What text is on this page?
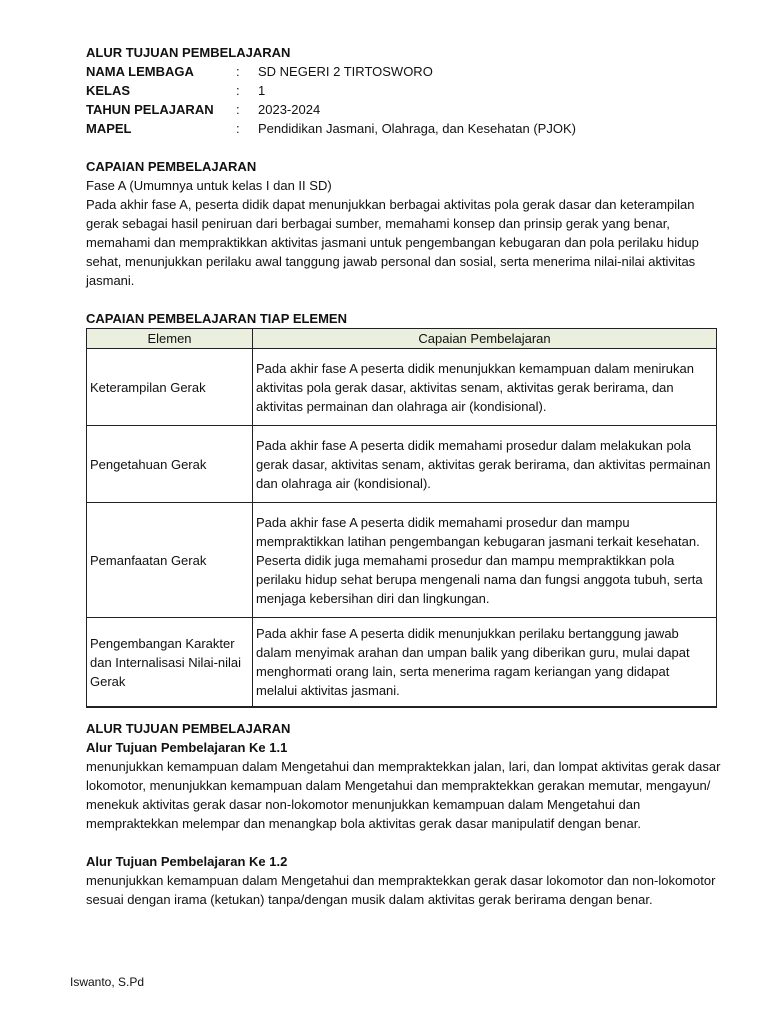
ALUR TUJUAN PEMBELAJARAN
NAMA LEMBAGA	:	SD NEGERI 2 TIRTOSWORO
KELAS	:	1
TAHUN PELAJARAN	:	2023-2024
MAPEL	:	Pendidikan Jasmani, Olahraga, dan Kesehatan (PJOK)
CAPAIAN PEMBELAJARAN

Fase A (Umumnya untuk kelas I dan II SD)

Pada akhir fase A, peserta didik dapat menunjukkan berbagai aktivitas pola gerak dasar dan keterampilan gerak sebagai hasil peniruan dari berbagai sumber, memahami konsep dan prinsip gerak yang benar, memahami dan mempraktikkan aktivitas jasmani untuk pengembangan kebugaran dan pola perilaku hidup sehat, menunjukkan perilaku awal tanggung jawab personal dan sosial, serta menerima nilai-nilai aktivitas jasmani.

CAPAIAN PEMBELAJARAN TIAP ELEMEN
Elemen	Capaian Pembelajaran
Keterampilan Gerak	Pada akhir fase A peserta didik menunjukkan kemampuan dalam menirukan aktivitas pola gerak dasar, aktivitas senam, aktivitas gerak berirama, dan aktivitas permainan dan olahraga air (kondisional).
Pengetahuan Gerak	Pada akhir fase A peserta didik memahami prosedur dalam melakukan pola gerak dasar, aktivitas senam, aktivitas gerak berirama, dan aktivitas permainan dan olahraga air (kondisional).
Pemanfaatan Gerak	Pada akhir fase A peserta didik memahami prosedur dan mampu mempraktikkan latihan pengembangan kebugaran jasmani terkait kesehatan. Peserta didik juga memahami prosedur dan mampu mempraktikkan pola perilaku hidup sehat berupa mengenali nama dan fungsi anggota tubuh, serta menjaga kebersihan diri dan lingkungan.
Pengembangan Karakter dan Internalisasi Nilai-nilai Gerak	Pada akhir fase A peserta didik menunjukkan perilaku bertanggung jawab dalam menyimak arahan dan umpan balik yang diberikan guru, mulai dapat menghormati orang lain, serta menerima ragam keriangan yang didapat melalui aktivitas jasmani.
ALUR TUJUAN PEMBELAJARAN
Alur Tujuan Pembelajaran Ke 1.1

menunjukkan kemampuan dalam Mengetahui dan mempraktekkan jalan, lari, dan lompat aktivitas gerak dasar lokomotor, menunjukkan kemampuan dalam Mengetahui dan mempraktekkan gerakan memutar, mengayun/ menekuk aktivitas gerak dasar non-lokomotor menunjukkan kemampuan dalam Mengetahui dan mempraktekkan melempar dan menangkap bola aktivitas gerak dasar manipulatif dengan benar.

Alur Tujuan Pembelajaran Ke 1.2

menunjukkan kemampuan dalam Mengetahui dan mempraktekkan gerak dasar lokomotor dan non-lokomotor sesuai dengan irama (ketukan) tanpa/dengan musik dalam aktivitas gerak berirama dengan benar.

Iswanto, S.Pd
